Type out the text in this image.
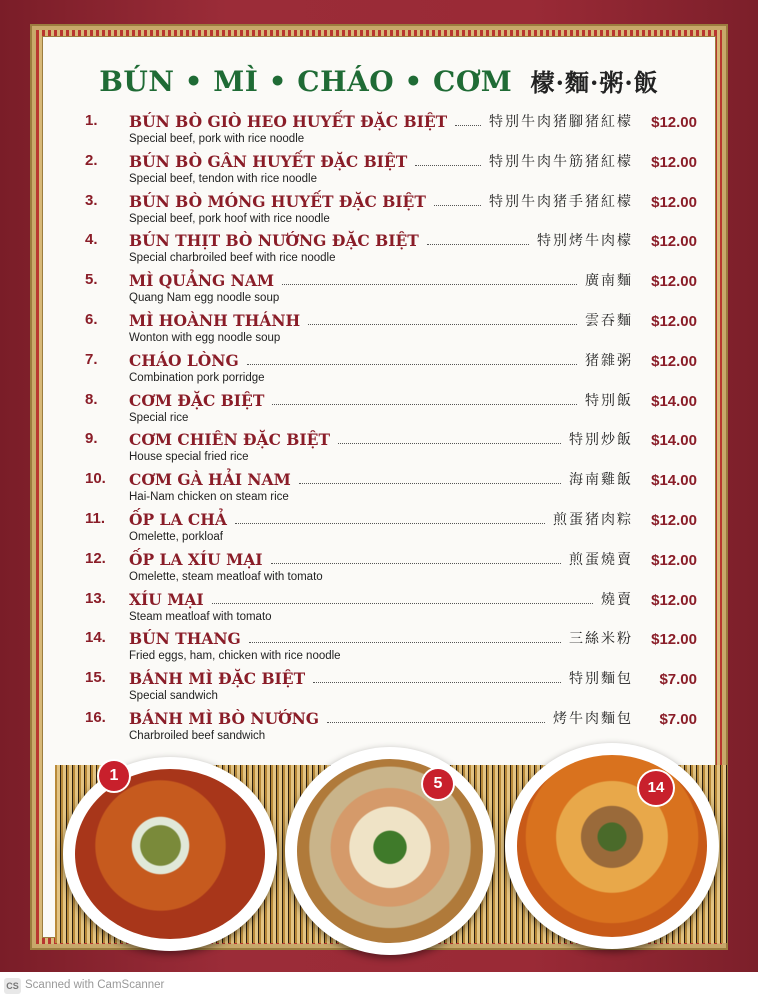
BÚN • MÌ • CHÁO • CƠM 檬·麵·粥·飯
1.	BÚN BÒ GIÒ HEO HUYẾT ĐẶC BIỆT	特別牛肉猪腳猪紅檬	$12.00
Special beef, pork with rice noodle
2.	BÚN BÒ GÂN HUYẾT ĐẶC BIỆT	特別牛肉牛筋猪紅檬	$12.00
Special beef, tendon with rice noodle
3.	BÚN BÒ MÓNG HUYẾT ĐẶC BIỆT	特別牛肉猪手猪紅檬	$12.00
Special beef, pork hoof with rice noodle
4.	BÚN THỊT BÒ NƯỚNG ĐẶC BIỆT	特別烤牛肉檬	$12.00
Special charbroiled beef with rice noodle
5.	MÌ QUẢNG NAM	廣南麵	$12.00
Quang Nam egg noodle soup
6.	MÌ HOÀNH THÁNH	雲吞麵	$12.00
Wonton with egg noodle soup
7.	CHÁO LÒNG	猪雜粥	$12.00
Combination pork porridge
8.	CƠM ĐẶC BIỆT	特別飯	$14.00
Special rice
9.	CƠM CHIÊN ĐẶC BIỆT	特別炒飯	$14.00
House special fried rice
10.	CƠM GÀ HẢI NAM	海南雞飯	$14.00
Hai-Nam chicken on steam rice
11.	ỐP LA CHẢ	煎蛋猪肉粽	$12.00
Omelette, porkloaf
12.	ỐP LA XÍU MẠI	煎蛋燒賣	$12.00
Omelette, steam meatloaf with tomato
13.	XÍU MẠI	燒賣	$12.00
Steam meatloaf with tomato
14.	BÚN THANG	三絲米粉	$12.00
Fried eggs, ham, chicken with rice noodle
15.	BÁNH MÌ ĐẶC BIỆT	特別麵包	$7.00
Special sandwich
16.	BÁNH MÌ BÒ NƯỚNG	烤牛肉麵包	$7.00
Charbroiled beef sandwich
1	5	14
CS Scanned with CamScanner
